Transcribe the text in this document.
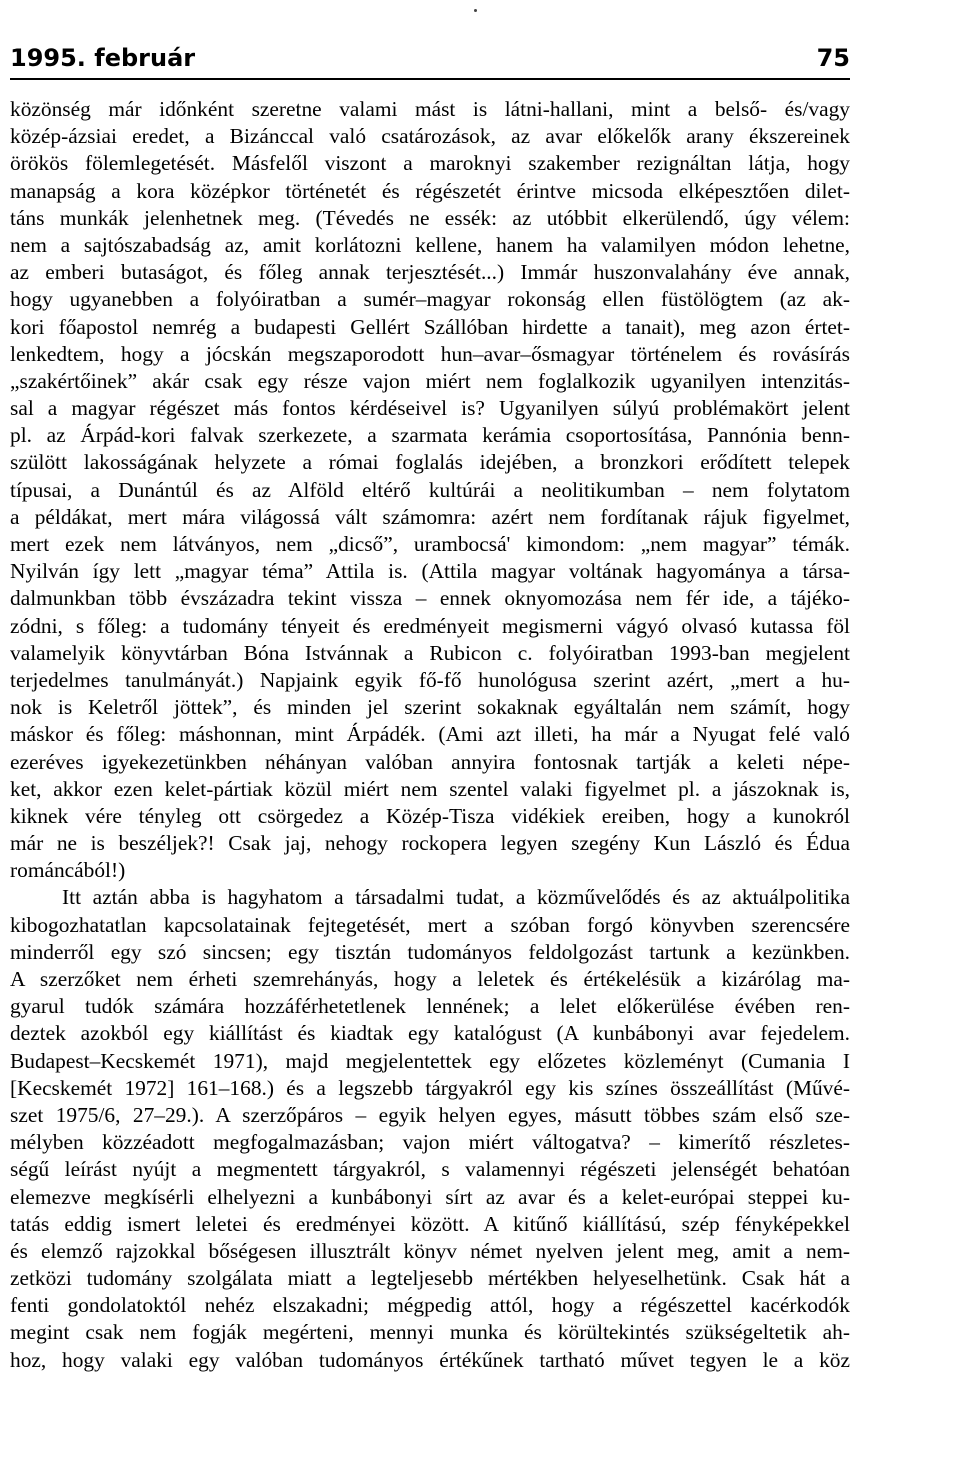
1995. február	75
közönség már időnként szeretne valami mást is látni-hallani, mint a belső- és/vagy
közép-ázsiai eredet, a Bizánccal való csatározások, az avar előkelők arany ékszereinek
örökös fölemlegetését. Másfelől viszont a maroknyi szakember rezignáltan látja, hogy
manapság a kora középkor történetét és régészetét érintve micsoda elképesztően dilet-
táns munkák jelenhetnek meg. (Tévedés ne essék: az utóbbit elkerülendő, úgy vélem:
nem a sajtószabadság az, amit korlátozni kellene, hanem ha valamilyen módon lehetne,
az emberi butaságot, és főleg annak terjesztését...) Immár huszonvalahány éve annak,
hogy ugyanebben a folyóiratban a sumér–magyar rokonság ellen füstölögtem (az ak-
kori főapostol nemrég a budapesti Gellért Szállóban hirdette a tanait), meg azon értet-
lenkedtem, hogy a jócskán megszaporodott hun–avar–ősmagyar történelem és rovásírás
„szakértőinek” akár csak egy része vajon miért nem foglalkozik ugyanilyen intenzitás-
sal a magyar régészet más fontos kérdéseivel is? Ugyanilyen súlyú problémakört jelent
pl. az Árpád-kori falvak szerkezete, a szarmata kerámia csoportosítása, Pannónia benn-
szülött lakosságának helyzete a római foglalás idejében, a bronzkori erődített telepek
típusai, a Dunántúl és az Alföld eltérő kultúrái a neolitikumban – nem folytatom
a példákat, mert mára világossá vált számomra: azért nem fordítanak rájuk figyelmet,
mert ezek nem látványos, nem „dicső”, urambocsá' kimondom: „nem magyar” témák.
Nyilván így lett „magyar téma” Attila is. (Attila magyar voltának hagyománya a társa-
dalmunkban több évszázadra tekint vissza – ennek oknyomozása nem fér ide, a tájéko-
zódni, s főleg: a tudomány tényeit és eredményeit megismerni vágyó olvasó kutassa föl
valamelyik könyvtárban Bóna Istvánnak a Rubicon c. folyóiratban 1993-ban megjelent
terjedelmes tanulmányát.) Napjaink egyik fő-fő hunológusa szerint azért, „mert a hu-
nok is Keletről jöttek”, és minden jel szerint sokaknak egyáltalán nem számít, hogy
máskor és főleg: máshonnan, mint Árpádék. (Ami azt illeti, ha már a Nyugat felé való
ezeréves igyekezetünkben néhányan valóban annyira fontosnak tartják a keleti népe-
ket, akkor ezen kelet-pártiak közül miért nem szentel valaki figyelmet pl. a jászoknak is,
kiknek vére tényleg ott csörgedez a Közép-Tisza vidékiek ereiben, hogy a kunokról
már ne is beszéljek?! Csak jaj, nehogy rockopera legyen szegény Kun László és Édua
románcából!)
Itt aztán abba is hagyhatom a társadalmi tudat, a közművelődés és az aktuálpolitika
kibogozhatatlan kapcsolatainak fejtegetését, mert a szóban forgó könyvben szerencsére
minderről egy szó sincsen; egy tisztán tudományos feldolgozást tartunk a kezünkben.
A szerzőket nem érheti szemrehányás, hogy a leletek és értékelésük a kizárólag ma-
gyarul tudók számára hozzáférhetetlenek lennének; a lelet előkerülése évében ren-
deztek azokból egy kiállítást és kiadtak egy katalógust (A kunbábonyi avar fejedelem.
Budapest–Kecskemét 1971), majd megjelentettek egy előzetes közleményt (Cumania I
[Kecskemét 1972] 161–168.) és a legszebb tárgyakról egy kis színes összeállítást (Művé-
szet 1975/6, 27–29.). A szerzőpáros – egyik helyen egyes, másutt többes szám első sze-
mélyben közzéadott megfogalmazásban; vajon miért váltogatva? – kimerítő részletes-
ségű leírást nyújt a megmentett tárgyakról, s valamennyi régészeti jelenségét behatóan
elemezve megkísérli elhelyezni a kunbábonyi sírt az avar és a kelet-európai steppei ku-
tatás eddig ismert leletei és eredményei között. A kitűnő kiállítású, szép fényképekkel
és elemző rajzokkal bőségesen illusztrált könyv német nyelven jelent meg, amit a nem-
zetközi tudomány szolgálata miatt a legteljesebb mértékben helyeselhetünk. Csak hát a
fenti gondolatoktól nehéz elszakadni; mégpedig attól, hogy a régészettel kacérkodók
megint csak nem fogják megérteni, mennyi munka és körültekintés szükségeltetik ah-
hoz, hogy valaki egy valóban tudományos értékűnek tartható művet tegyen le a köz
